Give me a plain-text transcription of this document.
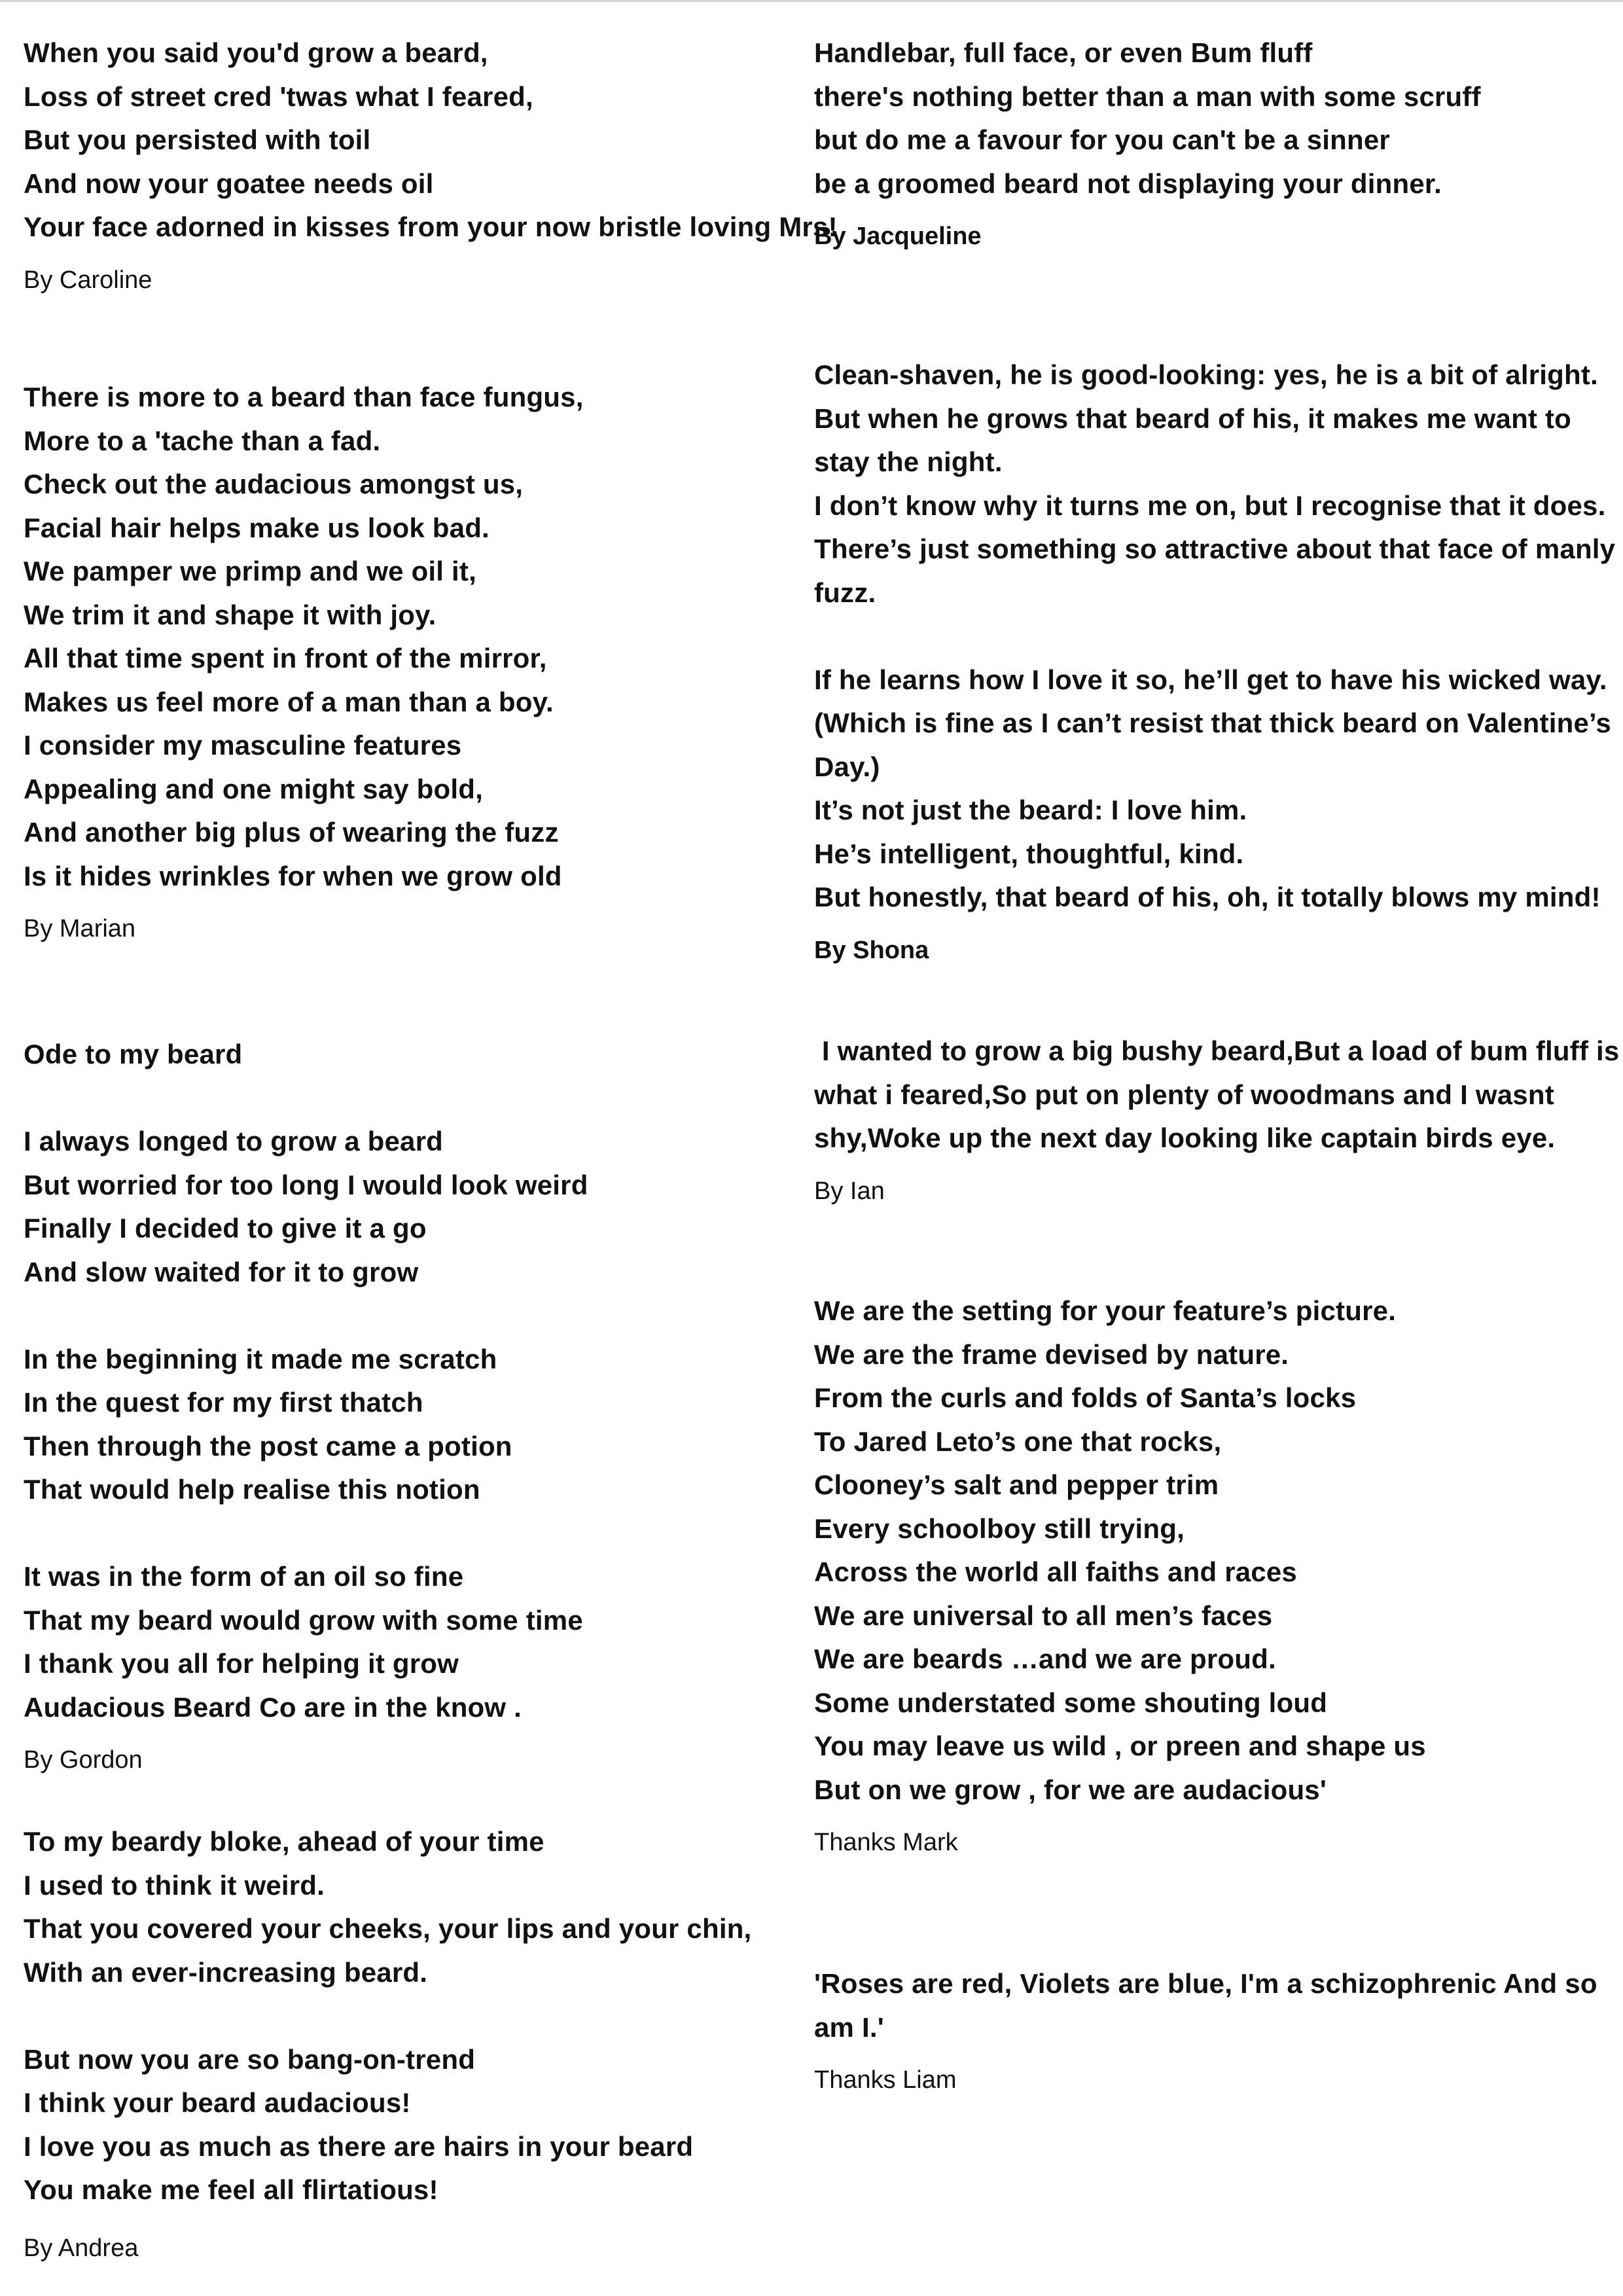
When you said you'd grow a beard,
Loss of street cred 'twas what I feared,
But you persisted with toil
And now your goatee needs oil
Your face adorned in kisses from your now bristle loving Mrs!
By Caroline
There is more to a beard than face fungus,
More to a 'tache than a fad.
Check out the audacious amongst us,
Facial hair helps make us look bad.
We pamper we primp and we oil it,
We trim it and shape it with joy.
All that time spent in front of the mirror,
Makes us feel more of a man than a boy.
I consider my masculine features
Appealing and one might say bold,
And another big plus of wearing the fuzz
Is it hides wrinkles for when we grow old
By Marian
Ode to my beard
I always longed to grow a beard
But worried for too long I would look weird
Finally I decided to give it a go
And slow waited for it to grow
In the beginning it made me scratch
In the quest for my first thatch
Then through the post came a potion
That would help realise this notion
It was in the form of an oil so fine
That my beard would grow with some time
I thank you all for helping it grow
Audacious Beard Co are in the know .
By Gordon
To my beardy bloke, ahead of your time
I used to think it weird.
That you covered your cheeks, your lips and your chin,
With an ever-increasing beard.
But now you are so bang-on-trend
I think your beard audacious!
I love you as much as there are hairs in your beard
You make me feel all flirtatious!
By Andrea
Handlebar, full face, or even Bum fluff
there's nothing better than a man with some scruff
but do me a favour for you can't be a sinner
be a groomed beard not displaying your dinner.
By Jacqueline
Clean-shaven, he is good-looking: yes, he is a bit of alright.
But when he grows that beard of his, it makes me want to
stay the night.
I don’t know why it turns me on, but I recognise that it does.
There’s just something so attractive about that face of manly
fuzz.
If he learns how I love it so, he’ll get to have his wicked way.
(Which is fine as I can’t resist that thick beard on Valentine’s
Day.)
It’s not just the beard: I love him.
He’s intelligent, thoughtful, kind.
But honestly, that beard of his, oh, it totally blows my mind!
By Shona
I wanted to grow a big bushy beard,But a load of bum fluff is
what i feared,So put on plenty of woodmans and I wasnt
shy,Woke up the next day looking like captain birds eye.
By Ian
We are the setting for your feature’s picture.
We are the frame devised by nature.
From the curls and folds of Santa’s locks
To Jared Leto’s one that rocks,
Clooney’s salt and pepper trim
Every schoolboy still trying,
Across the world all faiths and races
We are universal to all men’s faces
We are beards …and we are proud.
Some understated some shouting loud
You may leave us wild , or preen and shape us
But on we grow , for we are audacious'
Thanks Mark
'Roses are red, Violets are blue, I'm a schizophrenic And so
am I.'
Thanks Liam
